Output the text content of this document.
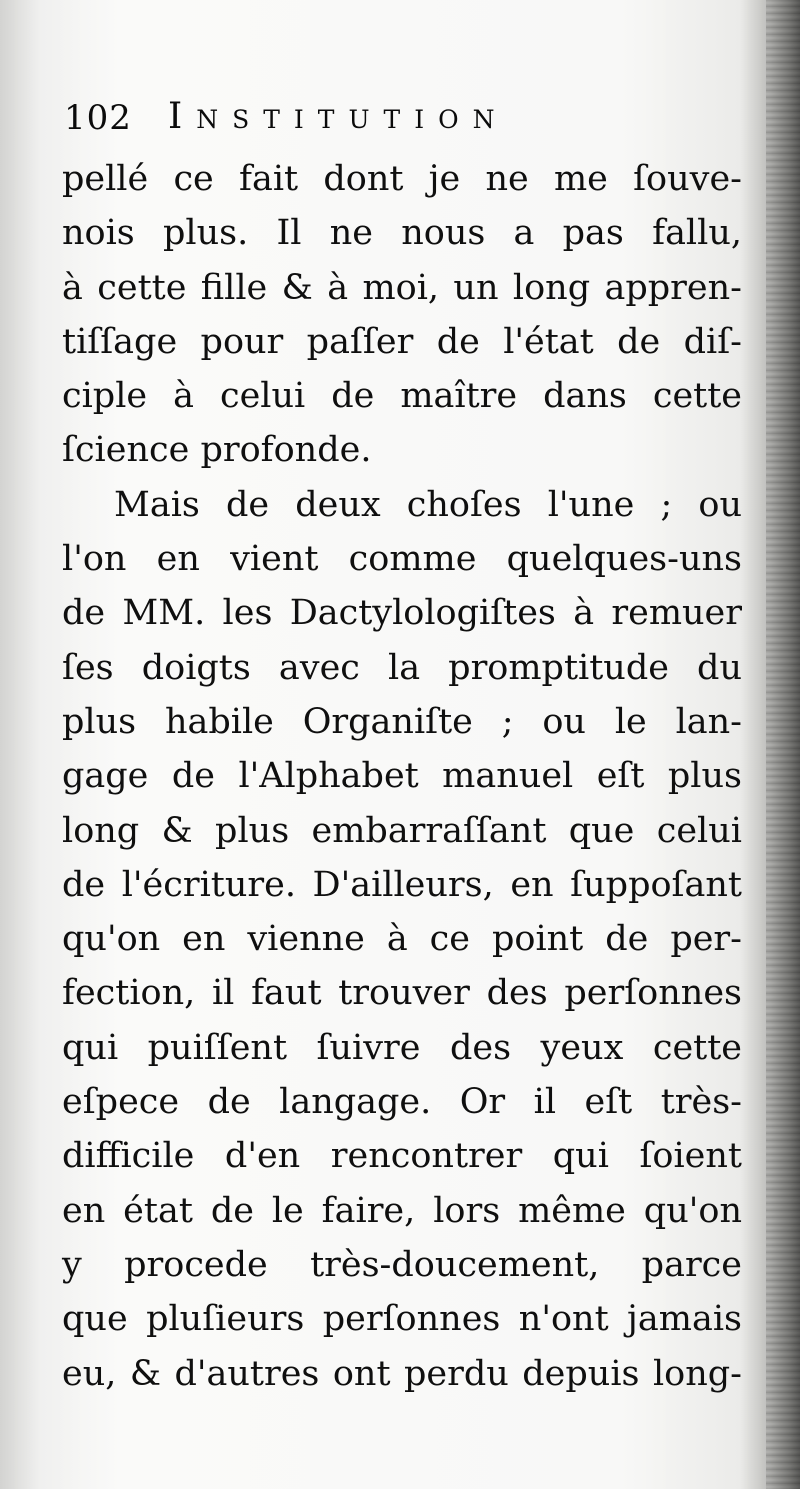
102 Institution
pellé ce fait dont je ne me ſouve-
nois plus. Il ne nous a pas fallu,
à cette fille & à moi, un long appren-
tiſſage pour paſſer de l'état de diſ-
ciple à celui de maître dans cette
ſcience profonde.
Mais de deux choſes l'une ; ou
l'on en vient comme quelques-uns
de MM. les Dactylologiſtes à remuer
ſes doigts avec la promptitude du
plus habile Organiſte ; ou le lan-
gage de l'Alphabet manuel eſt plus
long & plus embarraſſant que celui
de l'écriture. D'ailleurs, en ſuppoſant
qu'on en vienne à ce point de per-
fection, il faut trouver des perſonnes
qui puiſſent ſuivre des yeux cette
eſpece de langage. Or il eſt très-
difficile d'en rencontrer qui ſoient
en état de le faire, lors même qu'on
y procede très-doucement, parce
que pluſieurs perſonnes n'ont jamais
eu, & d'autres ont perdu depuis long-
